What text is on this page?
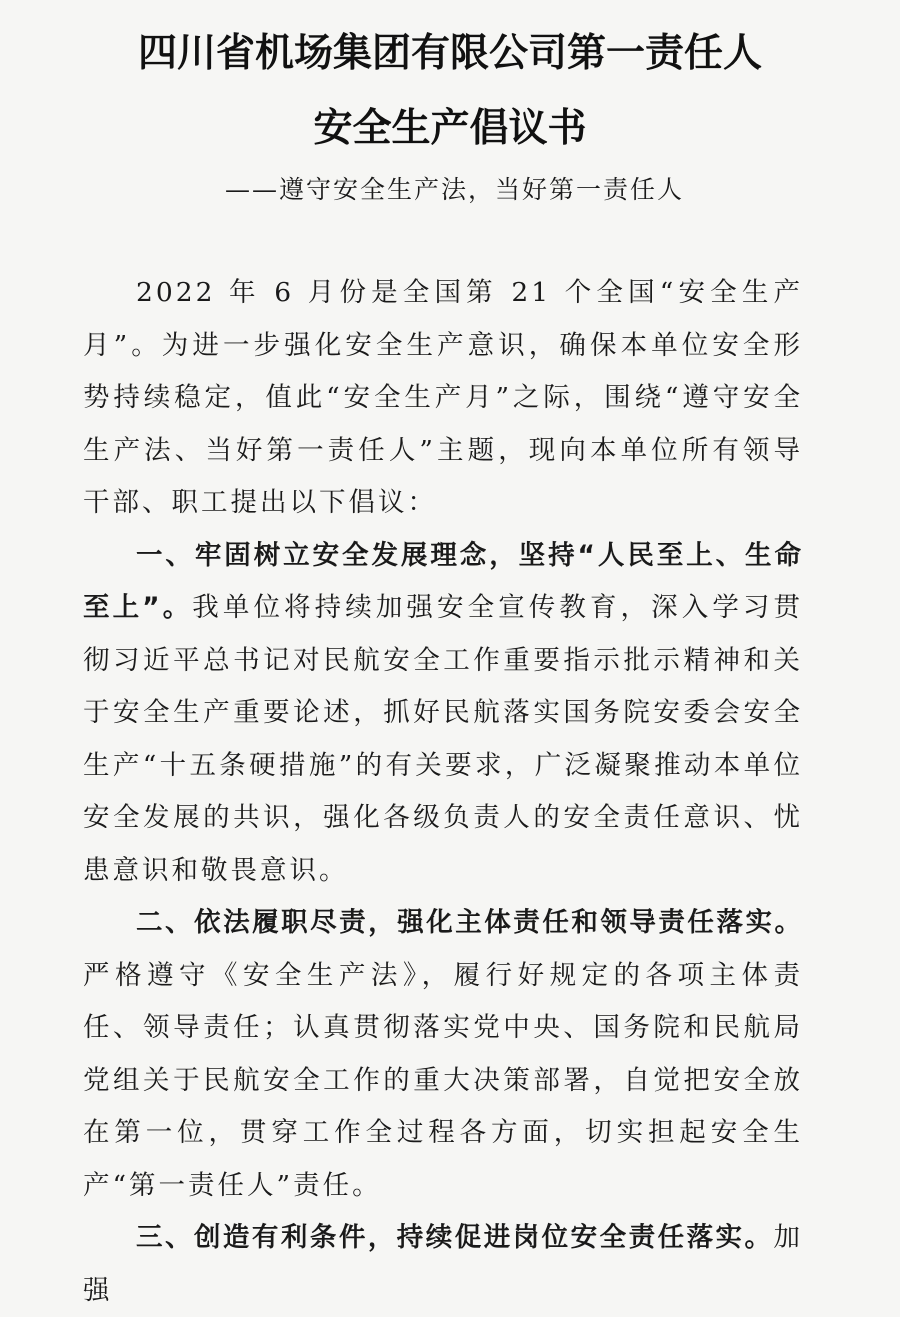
四川省机场集团有限公司第一责任人
安全生产倡议书
——遵守安全生产法，当好第一责任人

2022 年 6 月份是全国第 21 个全国“安全生产月”。为进一步强化安全生产意识，确保本单位安全形势持续稳定，值此“安全生产月”之际，围绕“遵守安全生产法、当好第一责任人”主题，现向本单位所有领导干部、职工提出以下倡议：

一、牢固树立安全发展理念，坚持“人民至上、生命至上”。我单位将持续加强安全宣传教育，深入学习贯彻习近平总书记对民航安全工作重要指示批示精神和关于安全生产重要论述，抓好民航落实国务院安委会安全生产“十五条硬措施”的有关要求，广泛凝聚推动本单位安全发展的共识，强化各级负责人的安全责任意识、忧患意识和敬畏意识。

二、依法履职尽责，强化主体责任和领导责任落实。严格遵守《安全生产法》，履行好规定的各项主体责任、领导责任；认真贯彻落实党中央、国务院和民航局党组关于民航安全工作的重大决策部署，自觉把安全放在第一位，贯穿工作全过程各方面，切实担起安全生产“第一责任人”责任。

三、创造有利条件，持续促进岗位安全责任落实。加强
